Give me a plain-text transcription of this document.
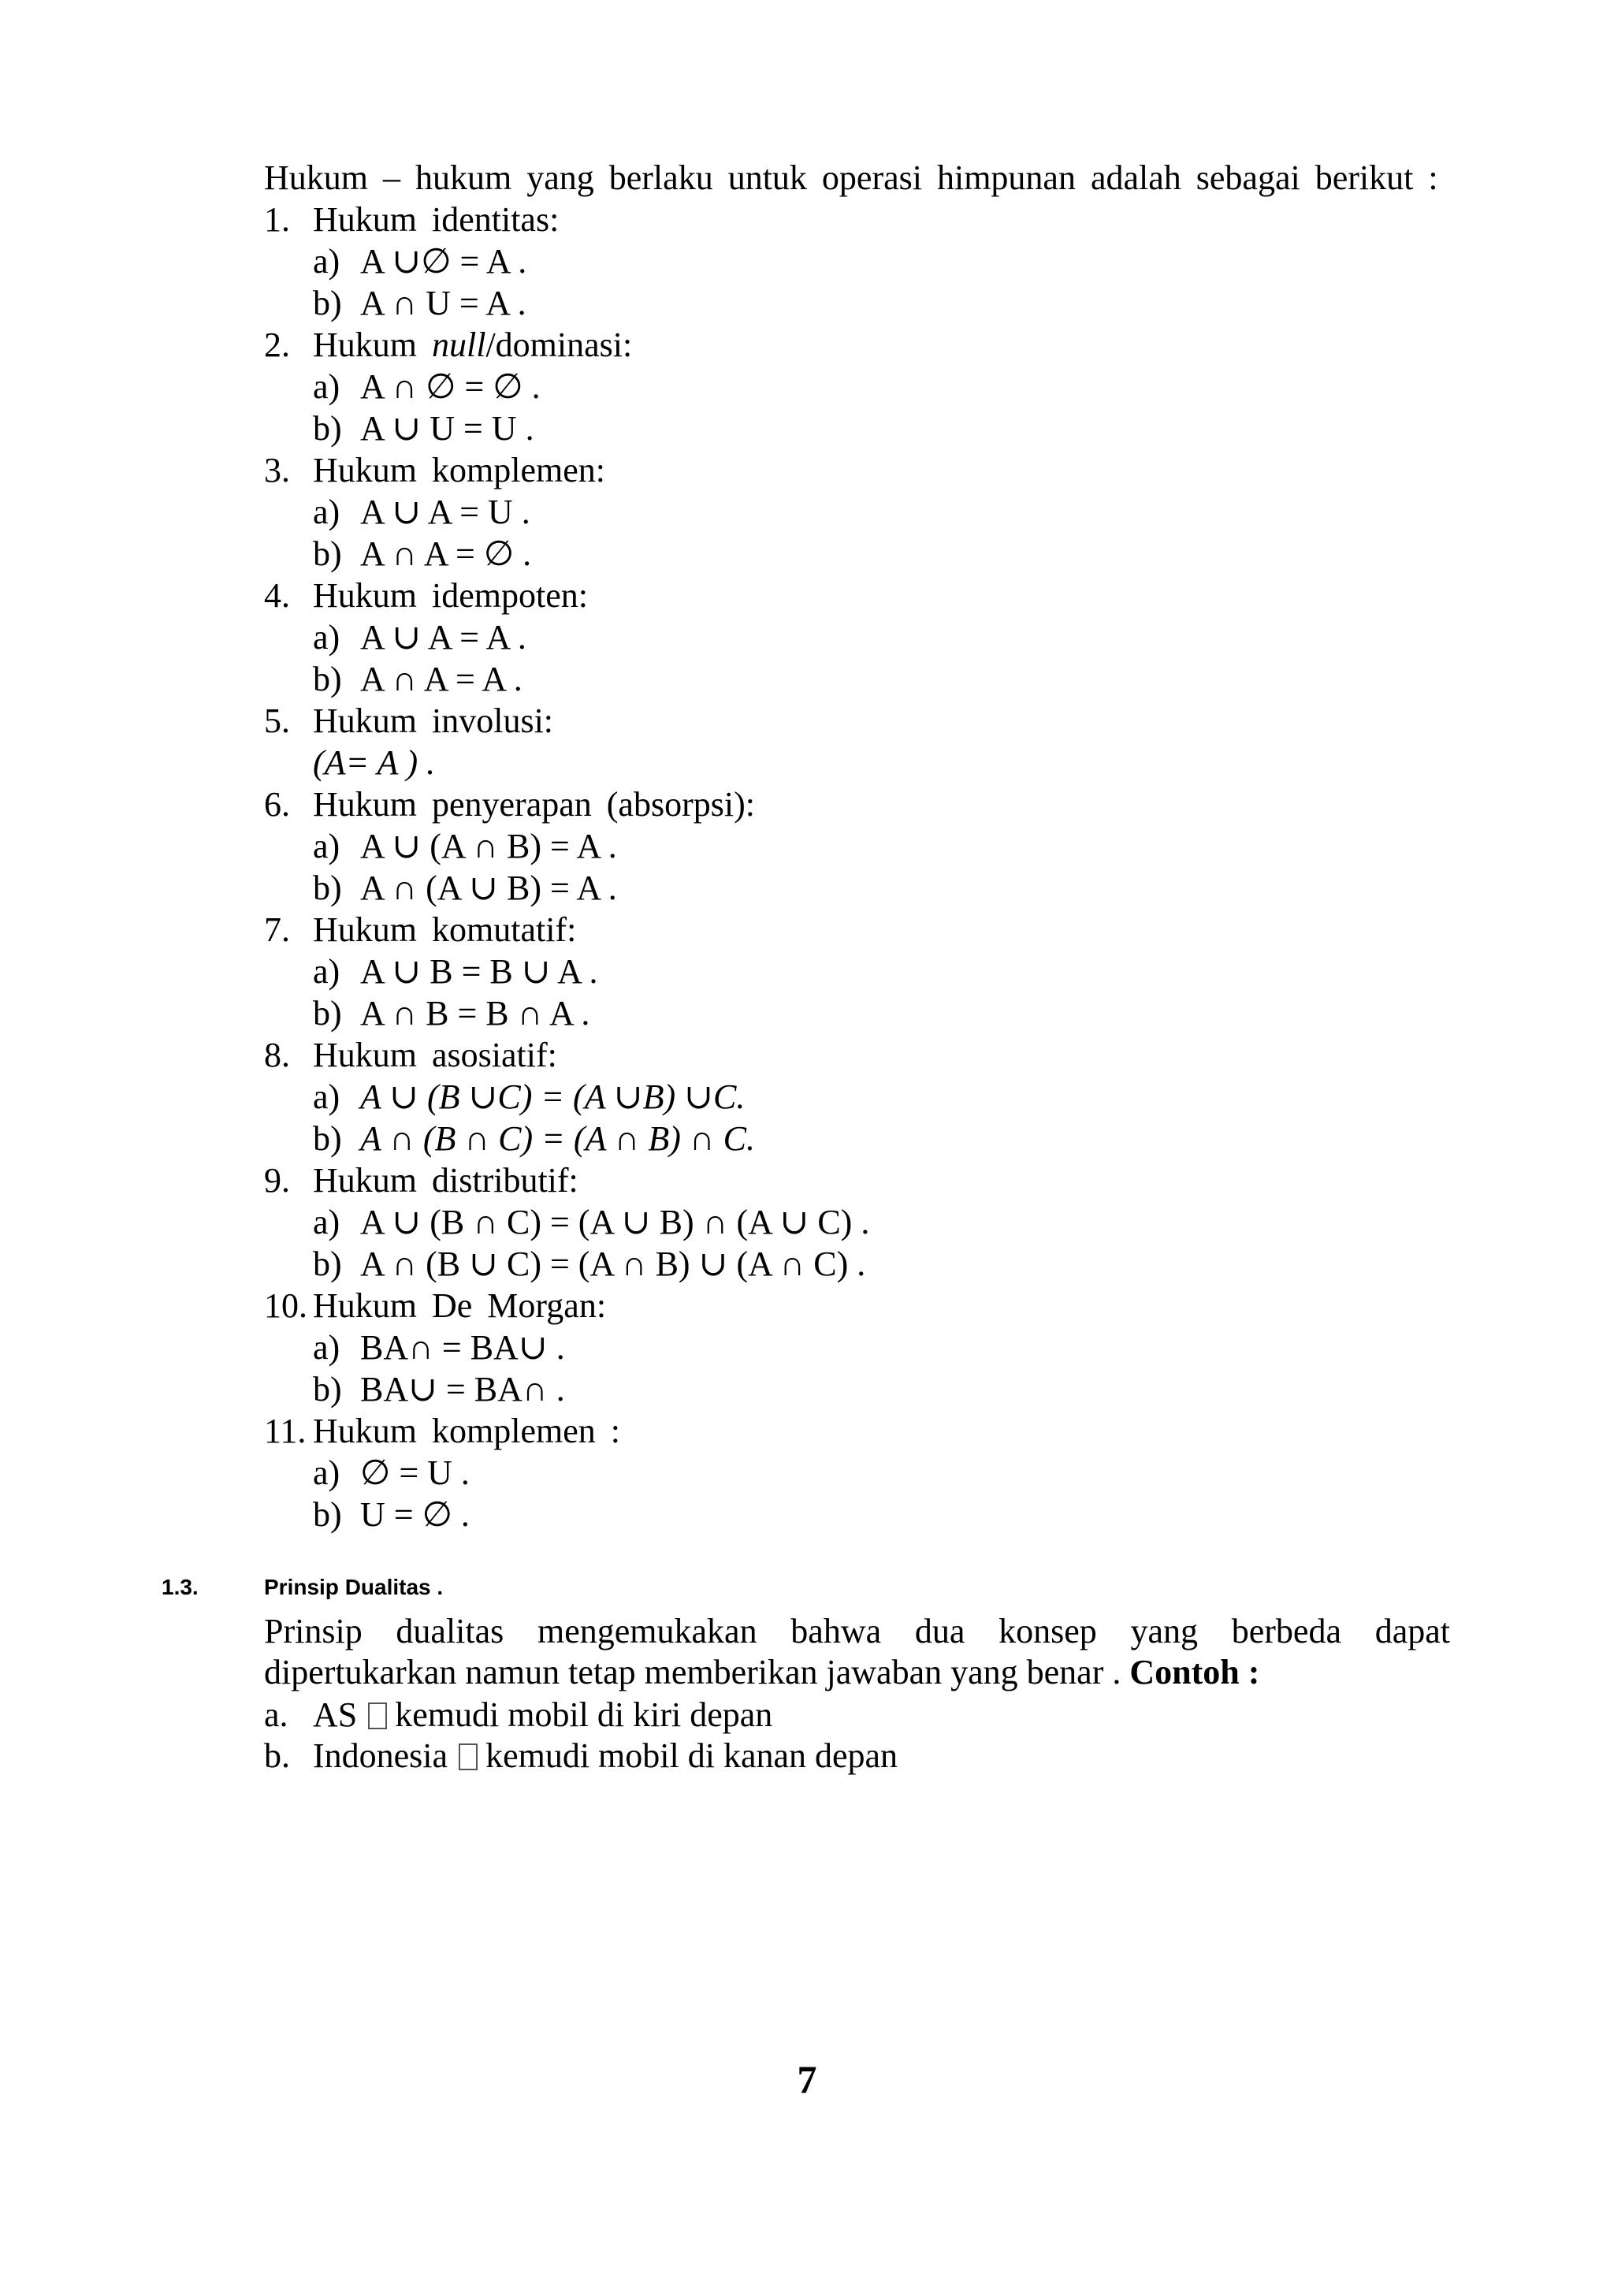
Hukum – hukum yang berlaku untuk operasi himpunan adalah sebagai berikut :
1. Hukum identitas:
a) A ∪∅ = A .
b) A ∩ U = A .
2. Hukum null/dominasi:
a) A ∩ ∅ = ∅ .
b) A ∪ U = U .
3. Hukum komplemen:
a) A ∪ A = U .
b) A ∩ A = ∅ .
4. Hukum idempoten:
a) A ∪ A = A .
b) A ∩ A = A .
5. Hukum involusi:
(A= A ) .
6. Hukum penyerapan (absorpsi):
a) A ∪ (A ∩ B) = A .
b) A ∩ (A ∪ B) = A .
7. Hukum komutatif:
a) A ∪ B = B ∪ A .
b) A ∩ B = B ∩ A .
8. Hukum asosiatif:
a) A ∪ (B ∪C) = (A ∪B) ∪C.
b) A ∩ (B ∩ C) = (A ∩ B) ∩ C.
9. Hukum distributif:
a) A ∪ (B ∩ C) = (A ∪ B) ∩ (A ∪ C) .
b) A ∩ (B ∪ C) = (A ∩ B) ∪ (A ∩ C) .
10. Hukum De Morgan:
a) BA∩ = BA∪ .
b) BA∪ = BA∩ .
11. Hukum komplemen :
a) ∅ = U .
b) U = ∅ .
1.3.	Prinsip Dualitas .
Prinsip dualitas mengemukakan bahwa dua konsep yang berbeda dapat
dipertukarkan namun tetap memberikan jawaban yang benar . Contoh :
a. AS kemudi mobil di kiri depan
b. Indonesia kemudi mobil di kanan depan
7
